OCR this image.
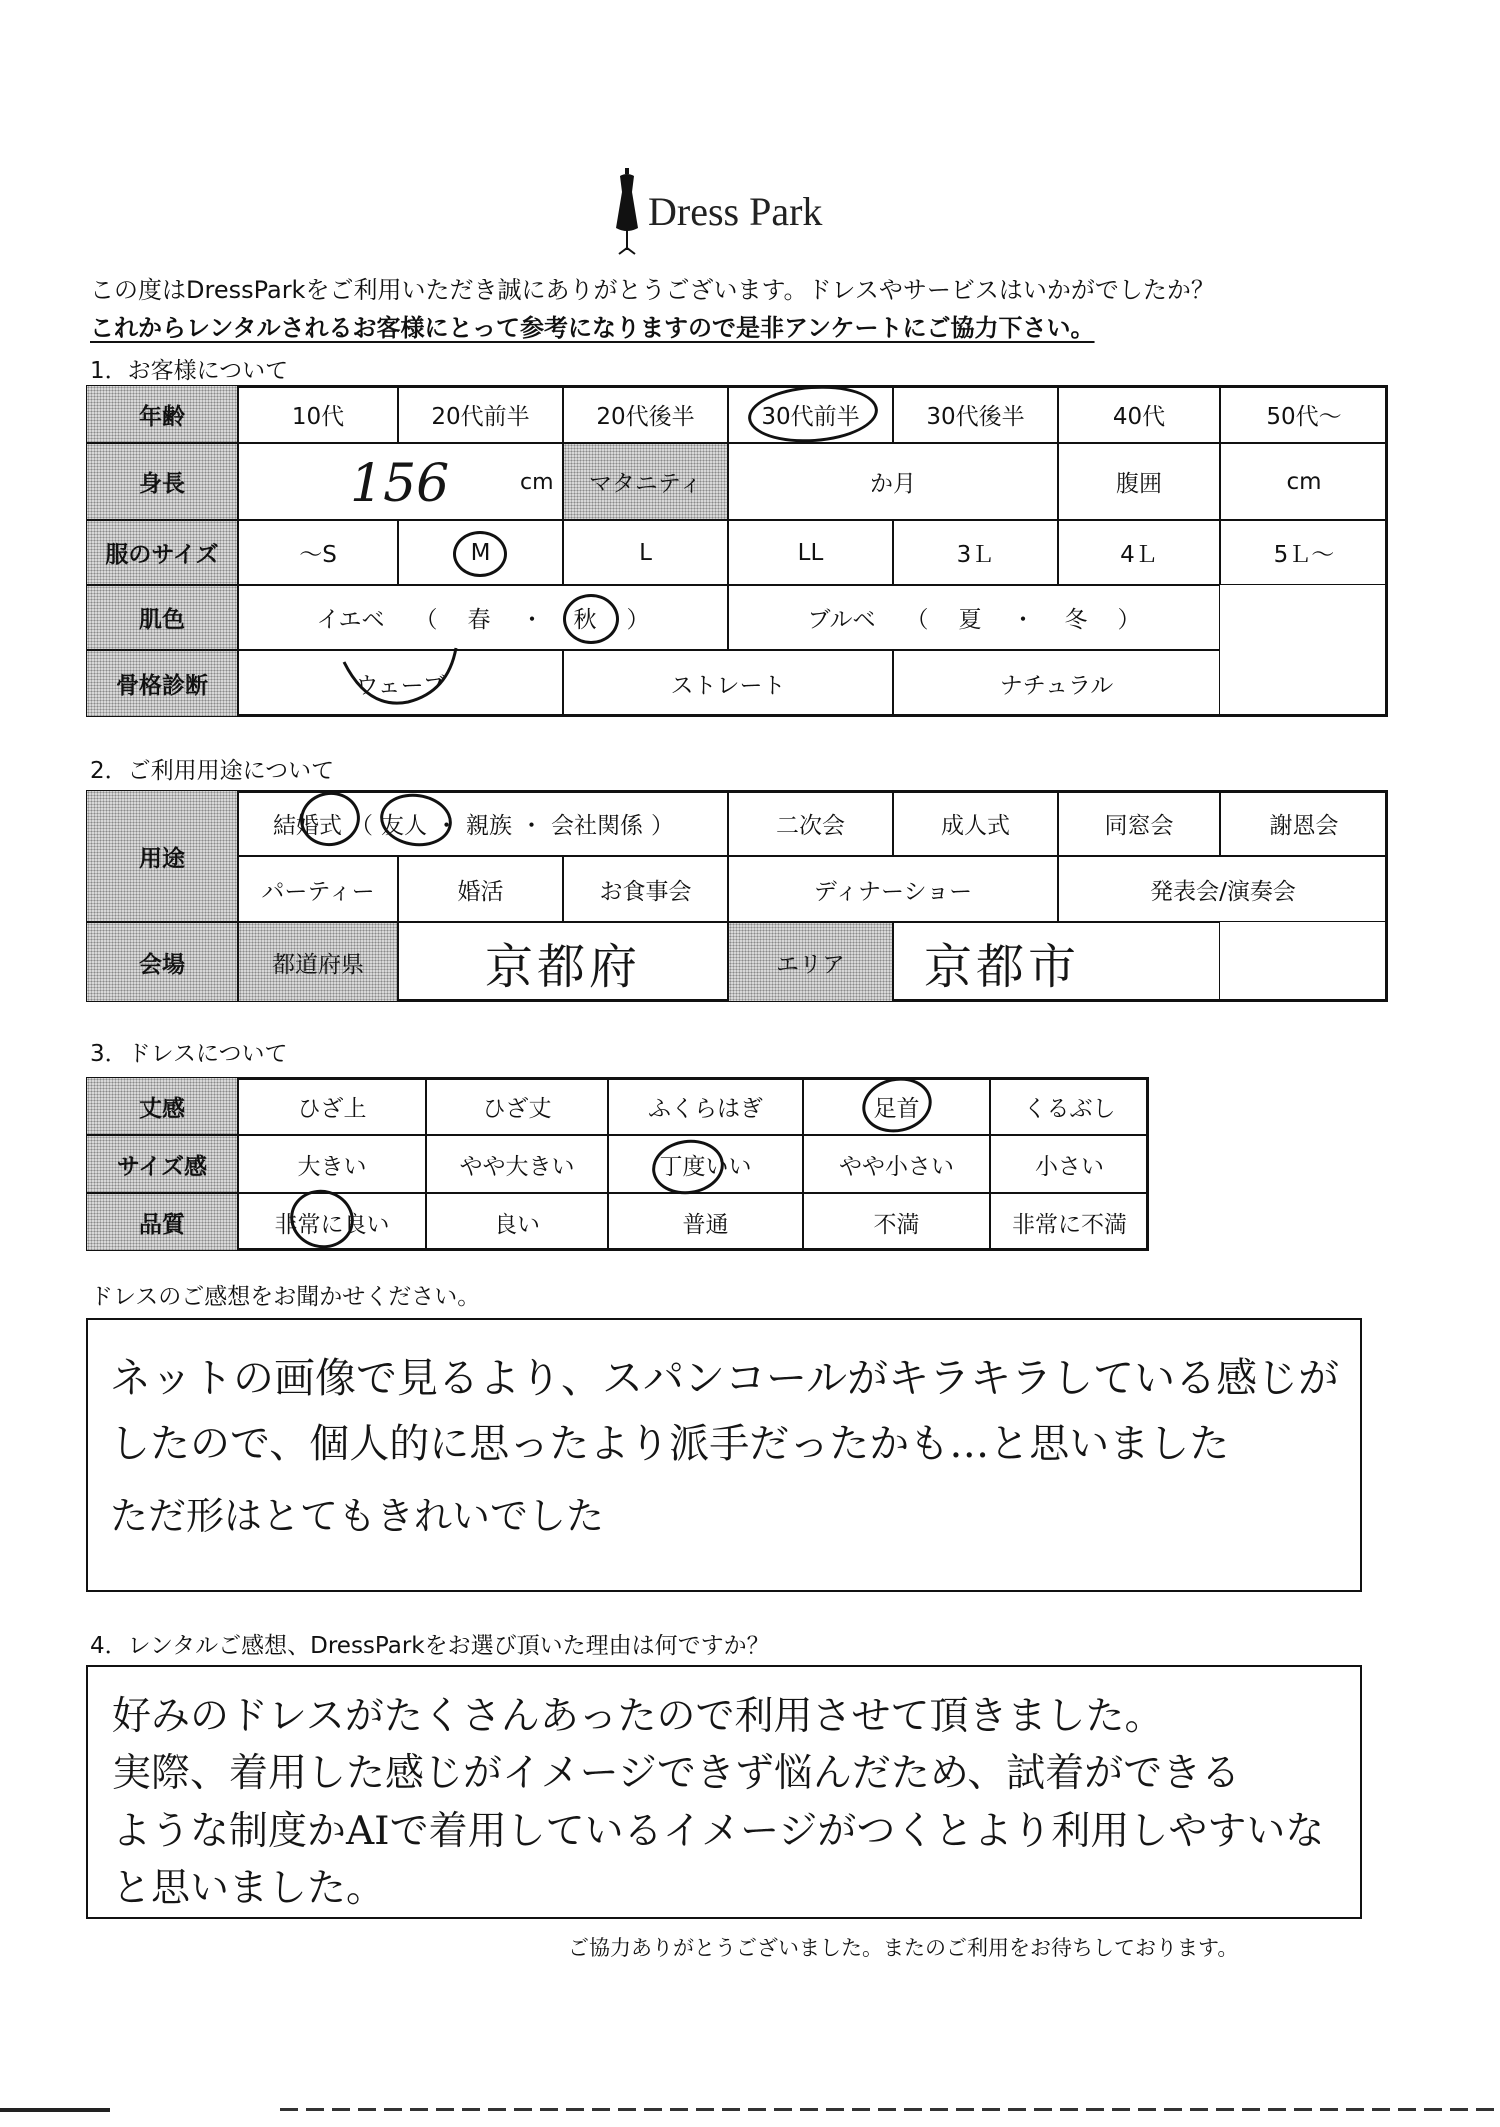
Dress Park
この度はDressParkをご利用いただき誠にありがとうございます。ドレスやサービスはいかがでしたか？
これからレンタルされるお客様にとって参考になりますので是非アンケートにご協力下さい。
1．お客様について
年齢	10代	20代前半	20代後半	30代前半	30代後半	40代	50代～
身長	156	cm	マタニティ	か月	腹囲	cm
服のサイズ	～S	M	L	LL	3Ｌ	4Ｌ	5Ｌ～
肌色	イエベ （ 春 ・ 秋 ）	ブルベ （ 夏 ・ 冬 ）
骨格診断	ウェーブ	ストレート	ナチュラル
2．ご利用用途について
用途
結婚式 （ 友人 ・ 親族 ・ 会社関係 ）	二次会	成人式	同窓会	謝恩会
パーティー	婚活	お食事会	ディナーショー	発表会/演奏会
会場	都道府県	京都府	エリア	京都市
3．ドレスについて
丈感	ひざ上	ひざ丈	ふくらはぎ	足首	くるぶし
サイズ感	大きい	やや大きい	丁度いい	やや小さい	小さい
品質	非常に良い	良い	普通	不満	非常に不満
ドレスのご感想をお聞かせください。
ネットの画像で見るより、スパンコールがキラキラしている感じが
したので、個人的に思ったより派手だったかも…と思いました
ただ形はとてもきれいでした
4．レンタルご感想、DressParkをお選び頂いた理由は何ですか？
好みのドレスがたくさんあったので利用させて頂きました。
実際、着用した感じがイメージできず悩んだため、試着ができる
ような制度かAIで着用しているイメージがつくとより利用しやすいな
と思いました。
ご協力ありがとうございました。またのご利用をお待ちしております。
